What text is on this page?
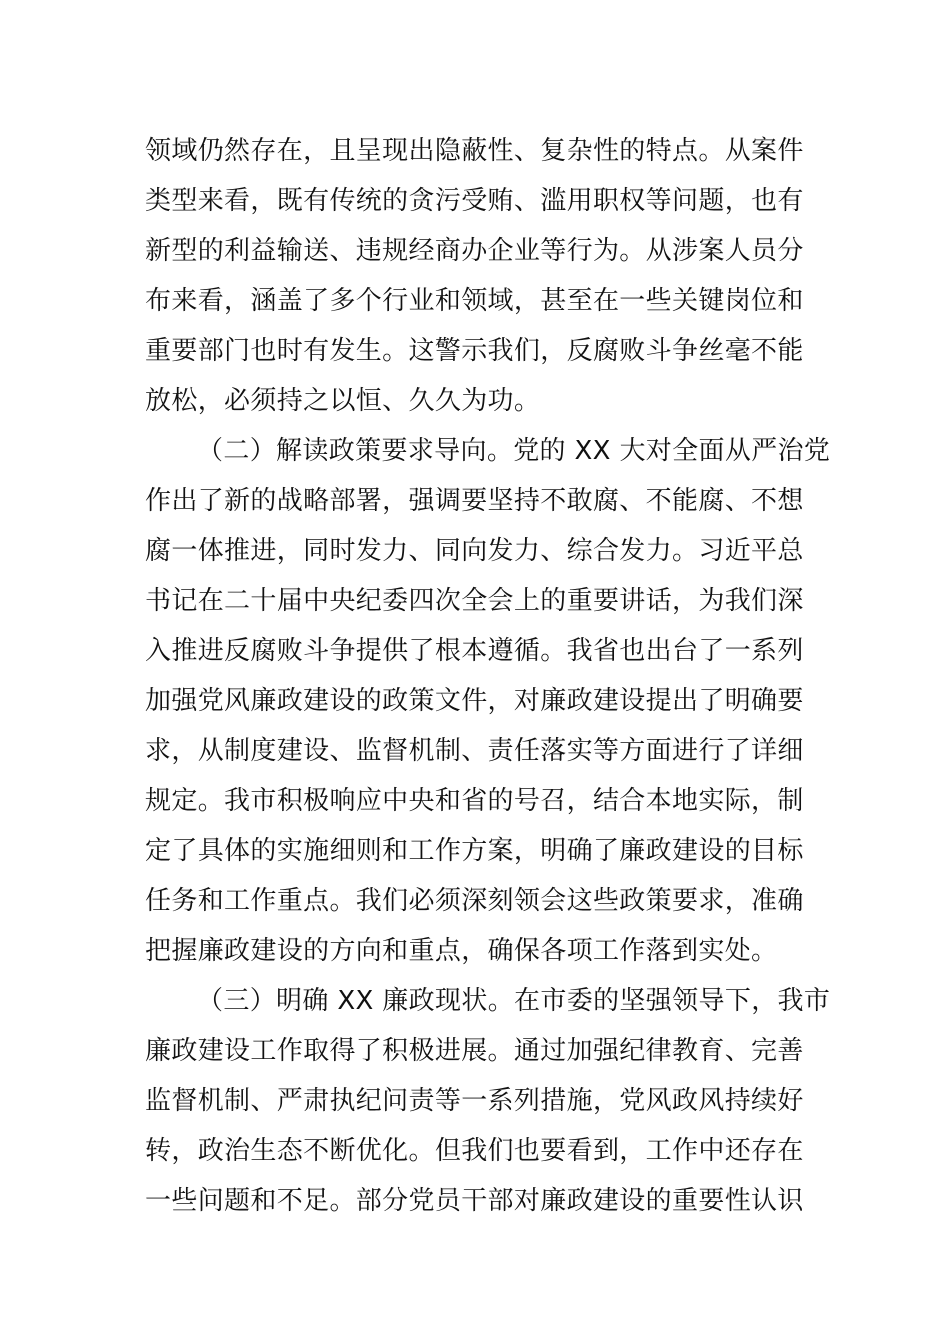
领域仍然存在，且呈现出隐蔽性、复杂性的特点。从案件
类型来看，既有传统的贪污受贿、滥用职权等问题，也有
新型的利益输送、违规经商办企业等行为。从涉案人员分
布来看，涵盖了多个行业和领域，甚至在一些关键岗位和
重要部门也时有发生。这警示我们，反腐败斗争丝毫不能
放松，必须持之以恒、久久为功。
（二）解读政策要求导向。党的 XX 大对全面从严治党
作出了新的战略部署，强调要坚持不敢腐、不能腐、不想
腐一体推进，同时发力、同向发力、综合发力。习近平总
书记在二十届中央纪委四次全会上的重要讲话，为我们深
入推进反腐败斗争提供了根本遵循。我省也出台了一系列
加强党风廉政建设的政策文件，对廉政建设提出了明确要
求，从制度建设、监督机制、责任落实等方面进行了详细
规定。我市积极响应中央和省的号召，结合本地实际，制
定了具体的实施细则和工作方案，明确了廉政建设的目标
任务和工作重点。我们必须深刻领会这些政策要求，准确
把握廉政建设的方向和重点，确保各项工作落到实处。
（三）明确 XX 廉政现状。在市委的坚强领导下，我市
廉政建设工作取得了积极进展。通过加强纪律教育、完善
监督机制、严肃执纪问责等一系列措施，党风政风持续好
转，政治生态不断优化。但我们也要看到，工作中还存在
一些问题和不足。部分党员干部对廉政建设的重要性认识
